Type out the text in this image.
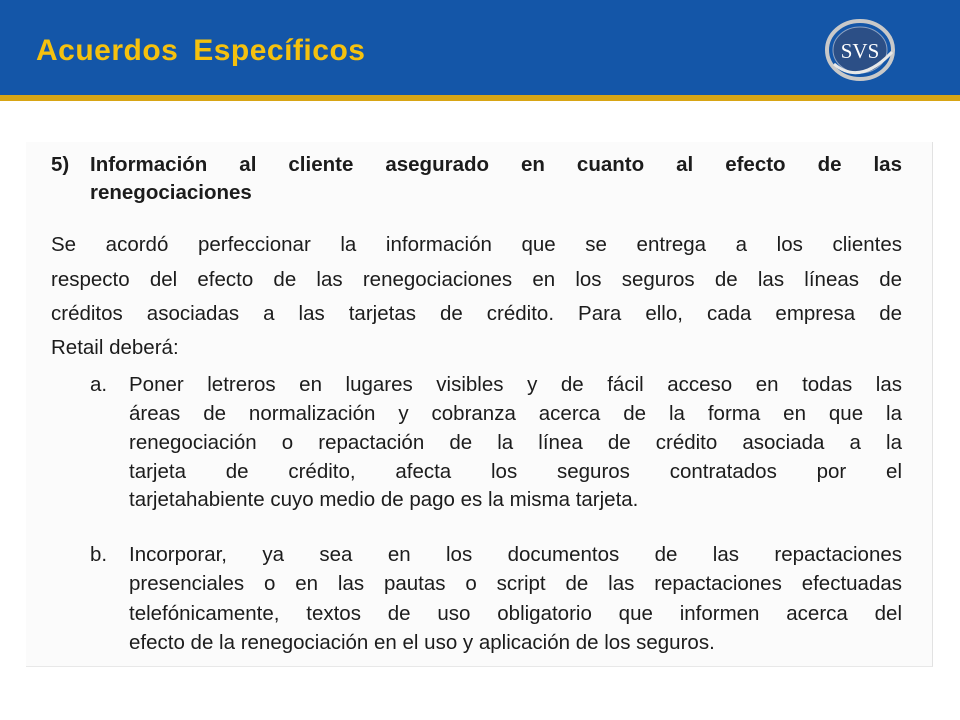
Acuerdos Específicos	SVS

5) Información al cliente asegurado en cuanto al efecto de las

renegociaciones

Se acordó perfeccionar la información que se entrega a los clientes

respecto del efecto de las renegociaciones en los seguros de las líneas de

créditos asociadas a las tarjetas de crédito. Para ello, cada empresa de

Retail deberá:

a. Poner letreros en lugares visibles y de fácil acceso en todas las

áreas de normalización y cobranza acerca de la forma en que la

renegociación o repactación de la línea de crédito asociada a la

tarjeta de crédito, afecta los seguros contratados por el

tarjetahabiente cuyo medio de pago es la misma tarjeta.

b. Incorporar, ya sea en los documentos de las repactaciones

presenciales o en las pautas o script de las repactaciones efectuadas

telefónicamente, textos de uso obligatorio que informen acerca del

efecto de la renegociación en el uso y aplicación de los seguros.
